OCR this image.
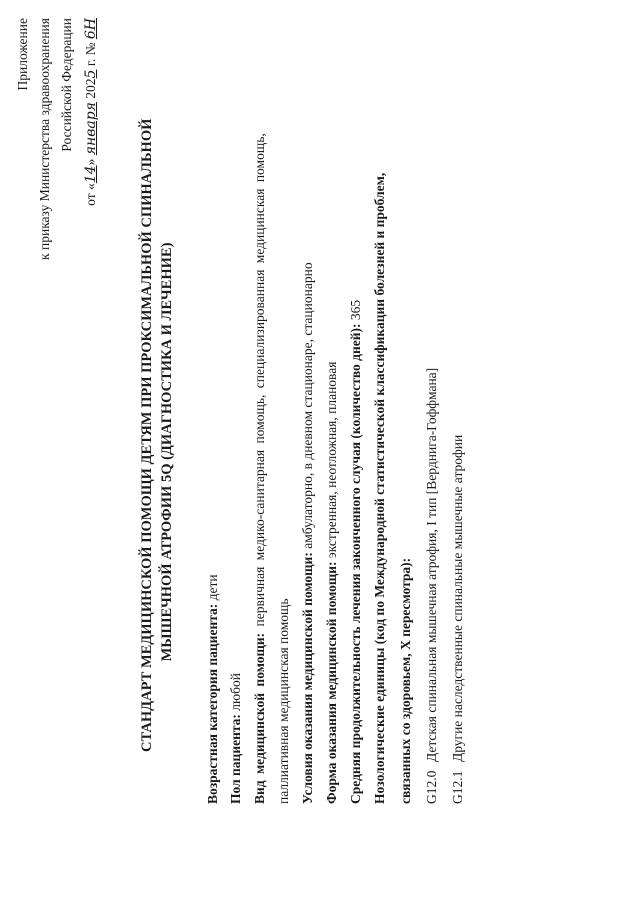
Приложение к приказу Министерства здравоохранения Российской Федерации
от «14» января 2025 г. № 6Н
СТАНДАРТ МЕДИЦИНСКОЙ ПОМОЩИ ДЕТЯМ ПРИ ПРОКСИМАЛЬНОЙ СПИНАЛЬНОЙ МЫШЕЧНОЙ АТРОФИИ 5Q (ДИАГНОСТИКА И ЛЕЧЕНИЕ)
Возрастная категория пациента: дети
Пол пациента: любой Вид медицинской помощи: первичная медико-санитарная помощь, специализированная медицинская помощь,
паллиативная медицинская помощь Условия оказания медицинской помощи: амбулаторно, в дневном стационаре, стационарно
Форма оказания медицинской помощи: экстренная, неотложная, плановая Средняя продолжительность лечения законченного случая (количество дней): 365 Нозологические единицы (код по Международной статистической классификации болезней и проблем, связанных со здоровьем, X пересмотра): G12.0Детская спинальная мышечная атрофия, I тип [Верднига-Гоффмана]
G12.1Другие наследственные спинальные мышечные атрофии
